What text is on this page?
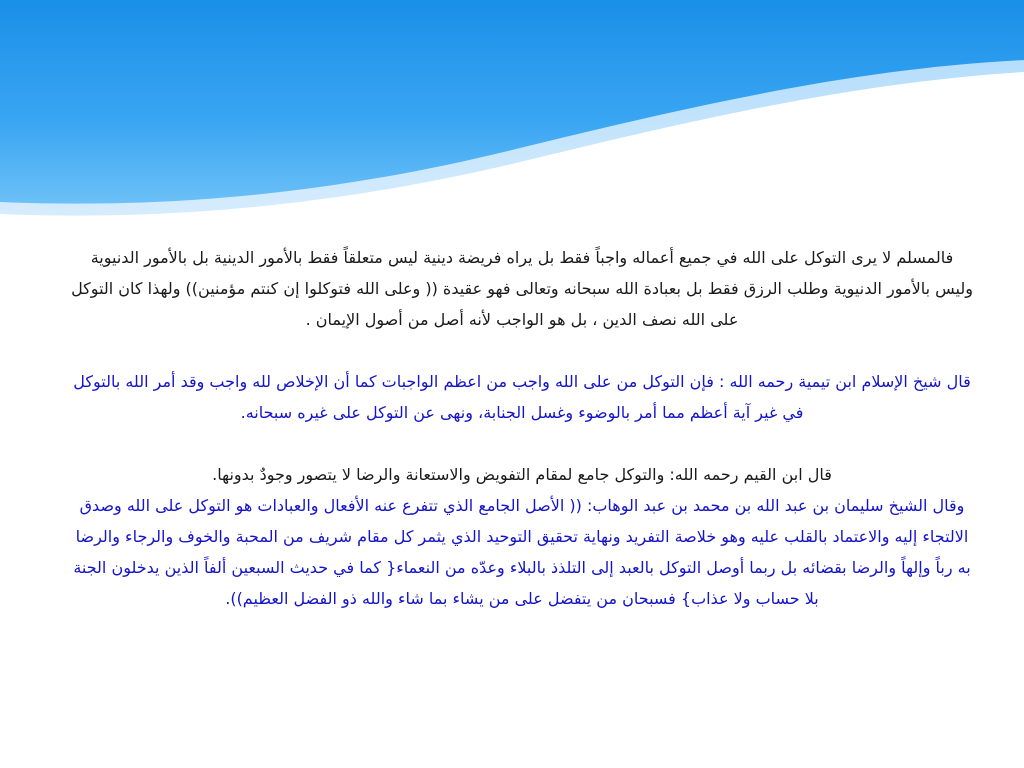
فالمسلم لا يرى التوكل على الله في جميع أعماله واجباً فقط بل يراه فريضة دينية ليس متعلقاً فقط بالأمور الدينية بل بالأمور الدنيوية وليس بالأمور الدنيوية وطلب الرزق فقط بل بعبادة الله سبحانه وتعالى فهو عقيدة (( وعلى الله فتوكلوا إن كنتم مؤمنين)) ولهذا كان التوكل على الله نصف الدين ، بل هو الواجب لأنه أصل من أصول الإيمان .

قال شيخ الإسلام ابن تيمية رحمه الله : فإن التوكل من على الله واجب من اعظم الواجبات كما أن الإخلاص لله واجب وقد أمر الله بالتوكل في غير آية أعظم مما أمر بالوضوء وغسل الجنابة، ونهى عن التوكل على غيره سبحانه.

قال ابن القيم رحمه الله: والتوكل جامع لمقام التفويض والاستعانة والرضا لا يتصور وجودٌ بدونها.

وقال الشيخ سليمان بن عبد الله بن محمد بن عبد الوهاب: (( الأصل الجامع الذي تتفرع عنه الأفعال والعبادات هو التوكل على الله وصدق الالتجاء إليه والاعتماد بالقلب عليه وهو خلاصة التفريد ونهاية تحقيق التوحيد الذي يثمر كل مقام شريف من المحبة والخوف والرجاء والرضا به رباً وإلهاً والرضا بقضائه بل ربما أوصل التوكل بالعبد إلى التلذذ بالبلاء وعدّه من النعماء{ كما في حديث السبعين ألفاً الذين يدخلون الجنة بلا حساب ولا عذاب} فسبحان من يتفضل على من يشاء بما شاء والله ذو الفضل العظيم)).
